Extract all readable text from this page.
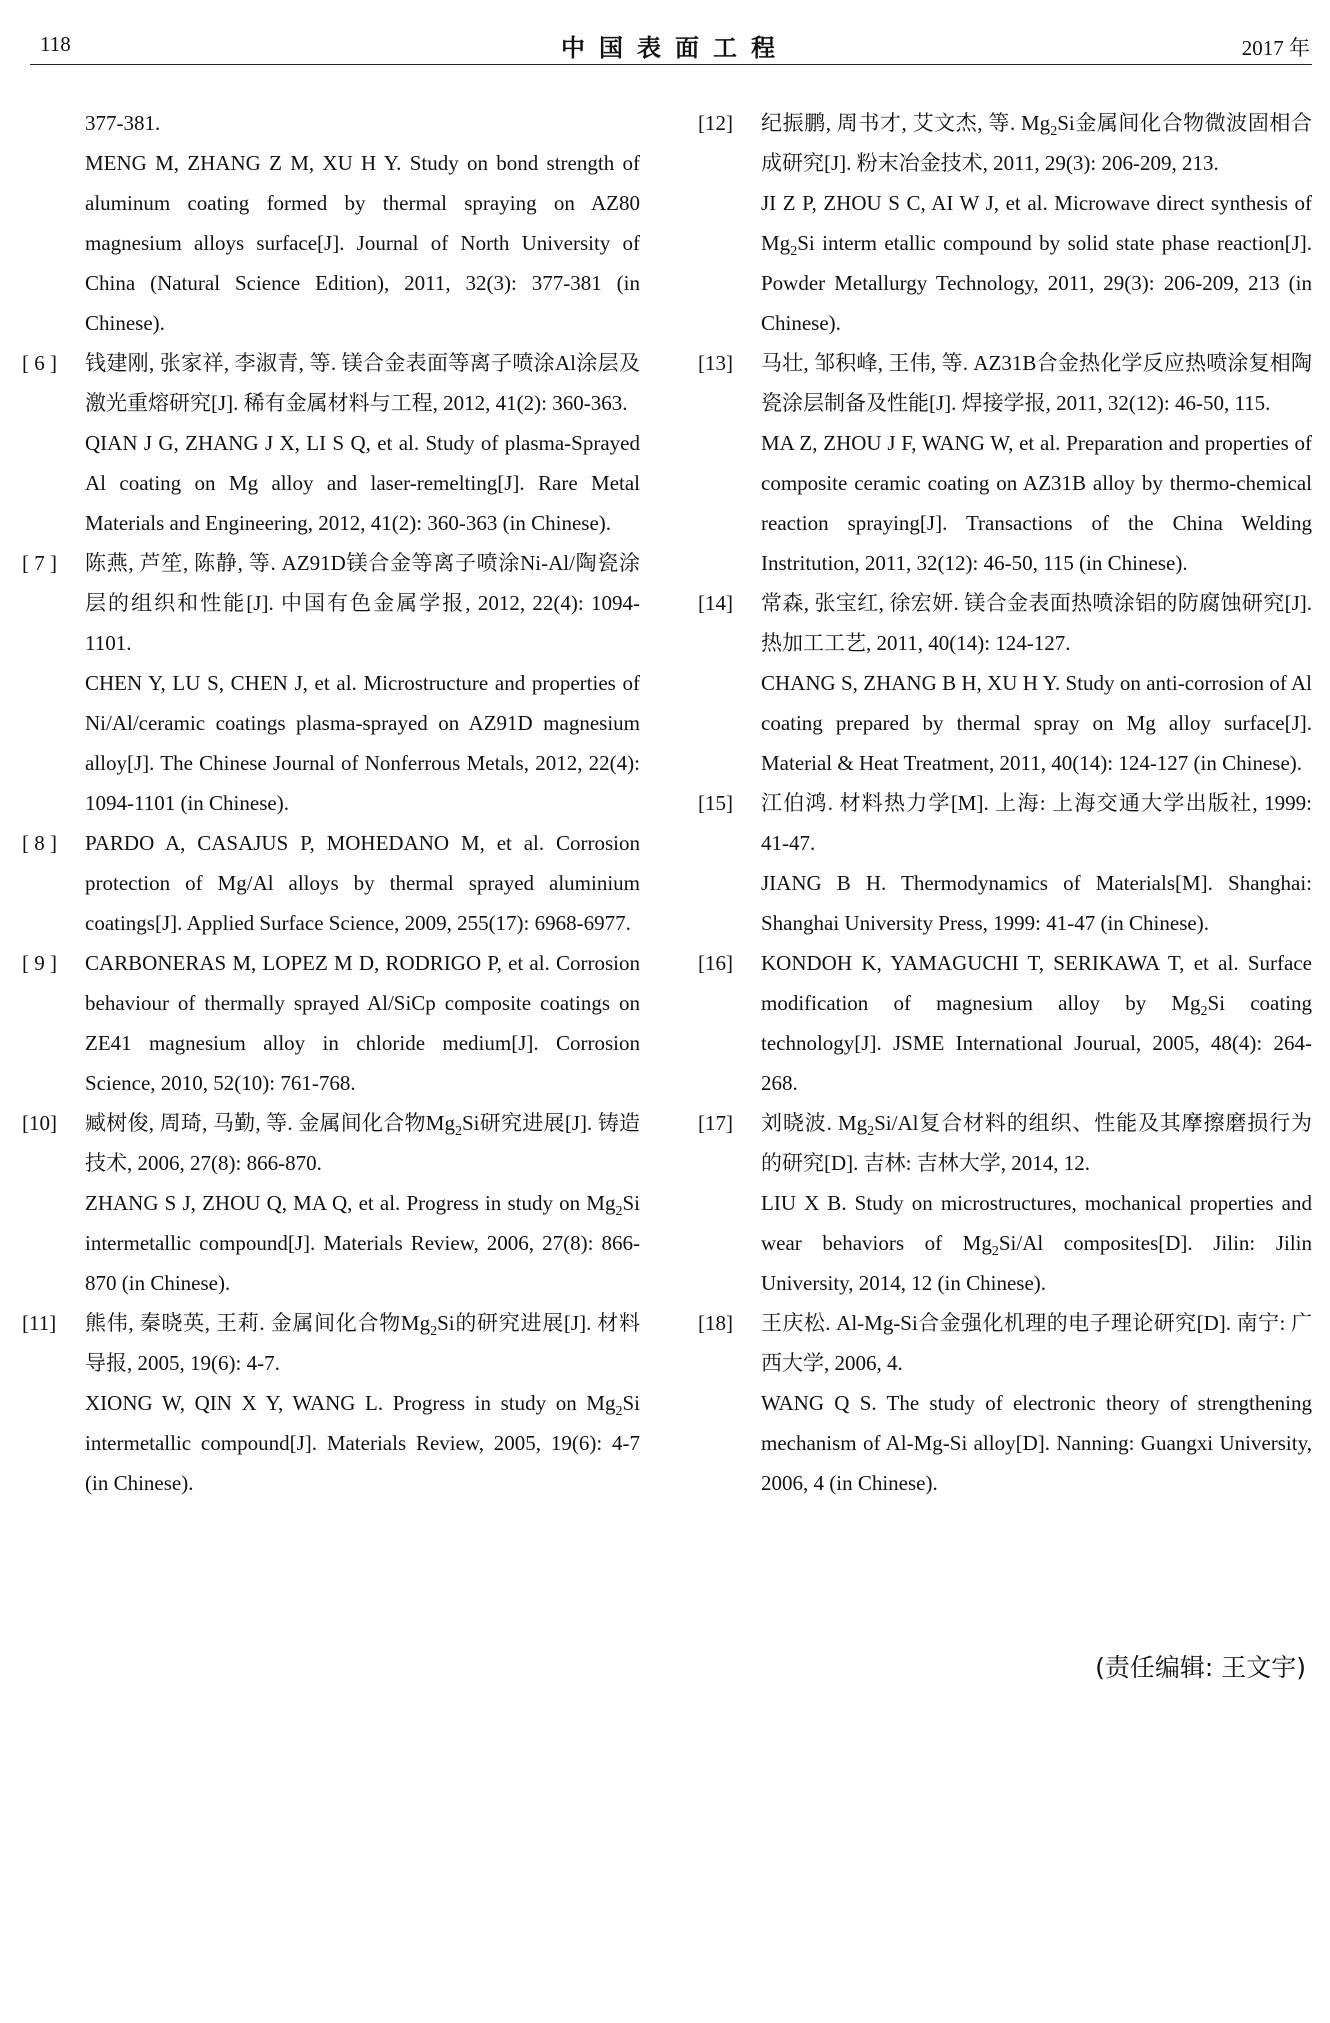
118	中国表面工程	2017 年

377-381.

MENG M, ZHANG Z M, XU H Y. Study on bond strength of aluminum coating formed by thermal spraying on AZ80 magnesium alloys surface[J]. Journal of North University of China (Natural Science Edition), 2011, 32(3): 377-381 (in Chinese).

[ 6 ] 钱建刚, 张家祥, 李淑青, 等. 镁合金表面等离子喷涂Al涂层及激光重熔研究[J]. 稀有金属材料与工程, 2012, 41(2): 360-363.

QIAN J G, ZHANG J X, LI S Q, et al. Study of plasma-Sprayed Al coating on Mg alloy and laser-remelting[J]. Rare Metal Materials and Engineering, 2012, 41(2): 360-363 (in Chinese).

[ 7 ] 陈燕, 芦笙, 陈静, 等. AZ91D镁合金等离子喷涂Ni-Al/陶瓷涂层的组织和性能[J]. 中国有色金属学报, 2012, 22(4): 1094-1101.

CHEN Y, LU S, CHEN J, et al. Microstructure and properties of Ni/Al/ceramic coatings plasma-sprayed on AZ91D magnesium alloy[J]. The Chinese Journal of Nonferrous Metals, 2012, 22(4): 1094-1101 (in Chinese).

[ 8 ] PARDO A, CASAJUS P, MOHEDANO M, et al. Corrosion protection of Mg/Al alloys by thermal sprayed aluminium coatings[J]. Applied Surface Science, 2009, 255(17): 6968-6977.

[ 9 ] CARBONERAS M, LOPEZ M D, RODRIGO P, et al. Corrosion behaviour of thermally sprayed Al/SiCp composite coatings on ZE41 magnesium alloy in chloride medium[J]. Corrosion Science, 2010, 52(10): 761-768.

[10] 臧树俊, 周琦, 马勤, 等. 金属间化合物$Mg_2Si$研究进展[J]. 铸造技术, 2006, 27(8): 866-870.

ZHANG S J, ZHOU Q, MA Q, et al. Progress in study on $Mg_2Si$ intermetallic compound[J]. Materials Review, 2006, 27(8): 866-870 (in Chinese).

[11] 熊伟, 秦晓英, 王莉. 金属间化合物$Mg_2Si$的研究进展[J]. 材料导报, 2005, 19(6): 4-7.

XIONG W, QIN X Y, WANG L. Progress in study on $Mg_2Si$ intermetallic compound[J]. Materials Review, 2005, 19(6): 4-7 (in Chinese).

[12] 纪振鹏, 周书才, 艾文杰, 等. $Mg_2Si$金属间化合物微波固相合成研究[J]. 粉末冶金技术, 2011, 29(3): 206-209, 213.

JI Z P, ZHOU S C, AI W J, et al. Microwave direct synthesis of $Mg_2Si$ interm etallic compound by solid state phase reaction[J]. Powder Metallurgy Technology, 2011, 29(3): 206-209, 213 (in Chinese).

[13] 马壮, 邹积峰, 王伟, 等. AZ31B合金热化学反应热喷涂复相陶瓷涂层制备及性能[J]. 焊接学报, 2011, 32(12): 46-50, 115.

MA Z, ZHOU J F, WANG W, et al. Preparation and properties of composite ceramic coating on AZ31B alloy by thermo-chemical reaction spraying[J]. Transactions of the China Welding Instritution, 2011, 32(12): 46-50, 115 (in Chinese).

[14] 常森, 张宝红, 徐宏妍. 镁合金表面热喷涂铝的防腐蚀研究[J]. 热加工工艺, 2011, 40(14): 124-127.

CHANG S, ZHANG B H, XU H Y. Study on anti-corrosion of Al coating prepared by thermal spray on Mg alloy surface[J]. Material & Heat Treatment, 2011, 40(14): 124-127 (in Chinese).

[15] 江伯鸿. 材料热力学[M]. 上海: 上海交通大学出版社, 1999: 41-47.

JIANG B H. Thermodynamics of Materials[M]. Shanghai: Shanghai University Press, 1999: 41-47 (in Chinese).

[16] KONDOH K, YAMAGUCHI T, SERIKAWA T, et al. Surface modification of magnesium alloy by $Mg_2Si$ coating technology[J]. JSME International Jourual, 2005, 48(4): 264-268.

[17] 刘晓波. $Mg_2Si/Al$复合材料的组织、性能及其摩擦磨损行为的研究[D]. 吉林: 吉林大学, 2014, 12.

LIU X B. Study on microstructures, mochanical properties and wear behaviors of $Mg_2Si/Al$ composites[D]. Jilin: Jilin University, 2014, 12 (in Chinese).

[18] 王庆松. Al-Mg-Si合金强化机理的电子理论研究[D]. 南宁: 广西大学, 2006, 4.

WANG Q S. The study of electronic theory of strengthening mechanism of Al-Mg-Si alloy[D]. Nanning: Guangxi University, 2006, 4 (in Chinese).

(责任编辑: 王文宇)
